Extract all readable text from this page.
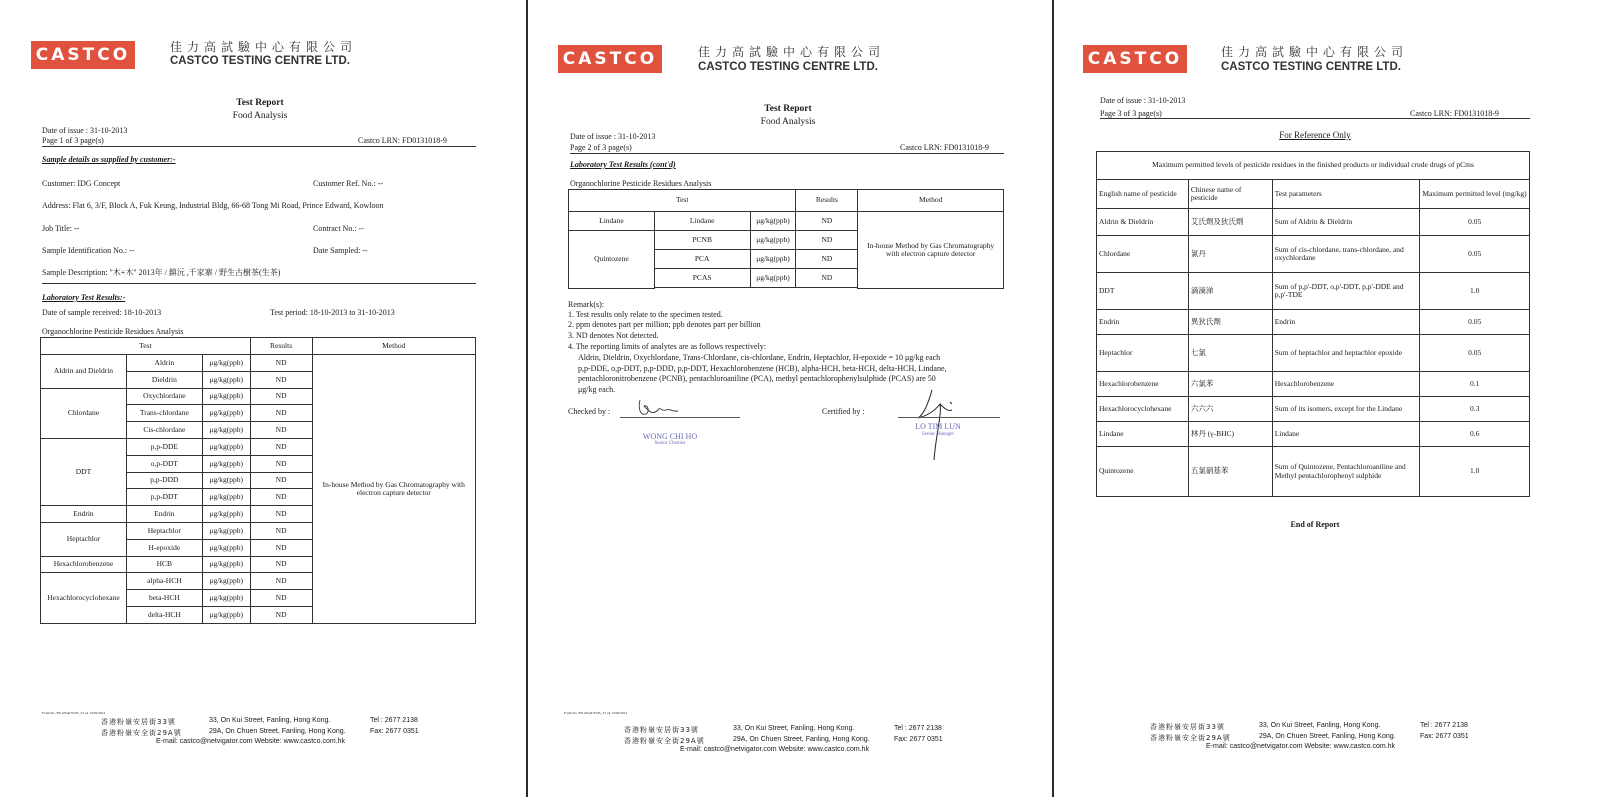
CASTCO	佳力高試驗中心有限公司
CASTCO TESTING CENTRE LTD.
Test Report
Food Analysis
Date of issue : 31-10-2013
Page 1 of 3 page(s)	Castco LRN: FD0131018-9
Sample details as supplied by customer:-
Customer: IDG Concept	Customer Ref. No.: --
Address: Flat 6, 3/F, Block A, Fuk Keung, Industrial Bldg, 66-68 Tong Mi Road, Prince Edward, Kowloon
Job Title: --	Contract No.: --
Sample Identification No.: --	Date Sampled: --
Sample Description: "木+木" 2013年 / 鎮沅 ,千家寨 / 野生古樹茶(生茶)
Laboratory Test Results:-
Date of sample received: 18-10-2013	Test period: 18-10-2013 to 31-10-2013
Organochlorine Pesticide Residues Analysis
Test			Results	Method
Aldrin and Dieldrin	Aldrin	μg/kg(ppb)	ND	In-house Method by Gas Chromatography with electron capture detector
	Dieldrin	μg/kg(ppb)	ND	
Chlordane	Oxychlordane	μg/kg(ppb)	ND	
	Trans-chlordane	μg/kg(ppb)	ND	
	Cis-chlordane	μg/kg(ppb)	ND	
DDT	p,p-DDE	μg/kg(ppb)	ND	
	o,p-DDT	μg/kg(ppb)	ND	
	p,p-DDD	μg/kg(ppb)	ND	
	p,p-DDT	μg/kg(ppb)	ND	
Endrin	Endrin	μg/kg(ppb)	ND	
Heptachlor	Heptachlor	μg/kg(ppb)	ND	
	H-epoxide	μg/kg(ppb)	ND	
Hexachlorobenzene	HCB	μg/kg(ppb)	ND	
Hexachlorocyclohexane	alpha-HCH	μg/kg(ppb)	ND	
	beta-HCH	μg/kg(ppb)	ND	
	delta-HCH	μg/kg(ppb)	ND	
Form No. FD ANALYSIS_T1 e4 13/02/2012
香港粉嶺安居街33號	33, On Kui Street, Fanling, Hong Kong.	Tel : 2677 2138
香港粉嶺安全街29A號	29A, On Chuen Street, Fanling, Hong Kong.	Fax: 2677 0351
E-mail: castco@netvigator.com Website: www.castco.com.hk
CASTCO	佳力高試驗中心有限公司
CASTCO TESTING CENTRE LTD.
Test Report
Food Analysis
Date of issue : 31-10-2013
Page 2 of 3 page(s)	Castco LRN: FD0131018-9
Laboratory Test Results (cont'd)
Organochlorine Pesticide Residues Analysis
Test			Results	Method
Lindane	Lindane	μg/kg(ppb)	ND	In-house Method by Gas Chromatography with electron capture detector
Quintozene	PCNB	μg/kg(ppb)	ND	
	PCA	μg/kg(ppb)	ND	
	PCAS	μg/kg(ppb)	ND	

Remark(s):
1. Test results only relate to the specimen tested.
2. ppm denotes part per million; ppb denotes part per billion
3. ND denotes Not detected.
4. The reporting limits of analytes are as follows respectively:
Aldrin, Dieldrin, Oxychlordane, Trans-Chlordane, cis-chlordane, Endrin, Heptachlor, H-epoxide = 10 μg/kg each
p,p-DDE, o,p-DDT, p,p-DDD, p,p-DDT, Hexachlorobenzene (HCB), alpha-HCH, beta-HCH, delta-HCH, Lindane,
pentachloronitrobenzene (PCNB), pentachloroaniline (PCA), methyl pentachlorophenylsulphide (PCAS) are 50
μg/kg each.
Checked by :
WONG CHI HO
Senior Chemist
Certified by :
LO TIM LUN
Senior Manager
Form No. FD ANALYSIS_T1 e4 13/02/2012
香港粉嶺安居街33號	33, On Kui Street, Fanling, Hong Kong.	Tel : 2677 2138
香港粉嶺安全街29A號	29A, On Chuen Street, Fanling, Hong Kong.	Fax: 2677 0351
E-mail: castco@netvigator.com Website: www.castco.com.hk
CASTCO	佳力高試驗中心有限公司
CASTCO TESTING CENTRE LTD.
Date of issue : 31-10-2013
Page 3 of 3 page(s)	Castco LRN: FD0131018-9
For Reference Only
Maximum permitted levels of pesticide residues in the finished products or individual crude drugs of pCms			
English name of pesticide	Chinese name of pesticide	Test parameters	Maximum permitted level (mg/kg)
Aldrin & Dieldrin	艾氏劑及狄氏劑	Sum of Aldrin & Dieldrin	0.05
Chlordane	氯丹	Sum of cis-chlordane, trans-chlordane, and oxychlordane	0.05
DDT	滴滴涕	Sum of p,p'-DDT, o,p'-DDT, p,p'-DDE and p,p'-TDE	1.0
Endrin	異狄氏劑	Endrin	0.05
Heptachlor	七氯	Sum of heptachlor and heptachlor epoxide	0.05
Hexachlorobenzene	六氯苯	Hexachlorobenzene	0.1
Hexachlorocyclohexane	六六六	Sum of its isomers, except for the Lindane	0.3
Lindane	林丹 (γ-BHC)	Lindane	0.6
Quintozene	五氯硝基苯	Sum of Quintozene, Pentachloroaniline and Methyl pentachlorophenyl sulphide	1.0
End of Report
香港粉嶺安居街33號	33, On Kui Street, Fanling, Hong Kong.	Tel : 2677 2138
香港粉嶺安全街29A號	29A, On Chuen Street, Fanling, Hong Kong.	Fax: 2677 0351
E-mail: castco@netvigator.com Website: www.castco.com.hk
